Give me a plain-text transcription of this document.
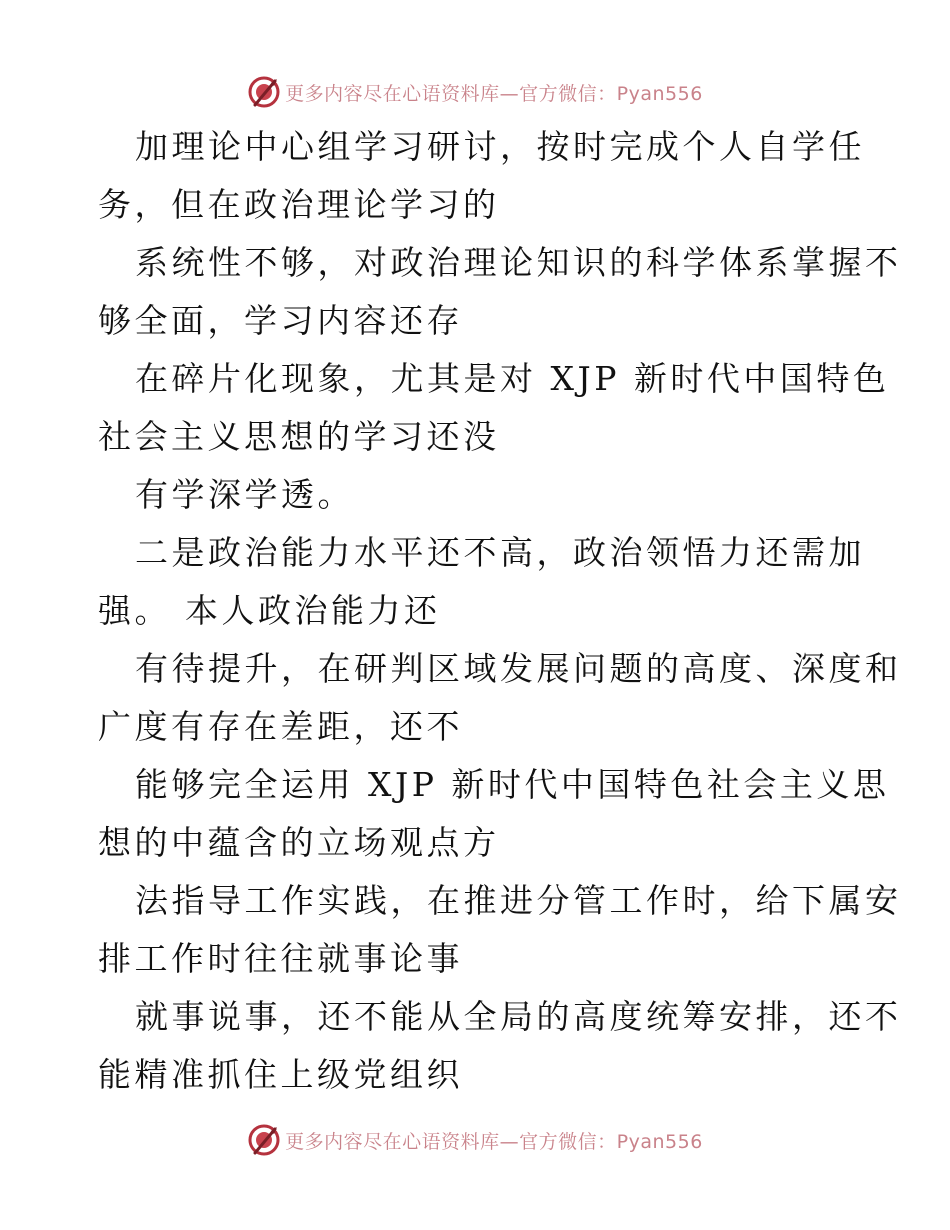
更多内容尽在心语资料库—官方微信：Pyan556
加理论中心组学习研讨，按时完成个人自学任
务，但在政治理论学习的
系统性不够，对政治理论知识的科学体系掌握不
够全面，学习内容还存
在碎片化现象，尤其是对 XJP 新时代中国特色
社会主义思想的学习还没
有学深学透。
二是政治能力水平还不高，政治领悟力还需加
强。 本人政治能力还
有待提升，在研判区域发展问题的高度、深度和
广度有存在差距，还不
能够完全运用 XJP 新时代中国特色社会主义思
想的中蕴含的立场观点方
法指导工作实践，在推进分管工作时，给下属安
排工作时往往就事论事
就事说事，还不能从全局的高度统筹安排，还不
能精准抓住上级党组织
更多内容尽在心语资料库—官方微信：Pyan556
